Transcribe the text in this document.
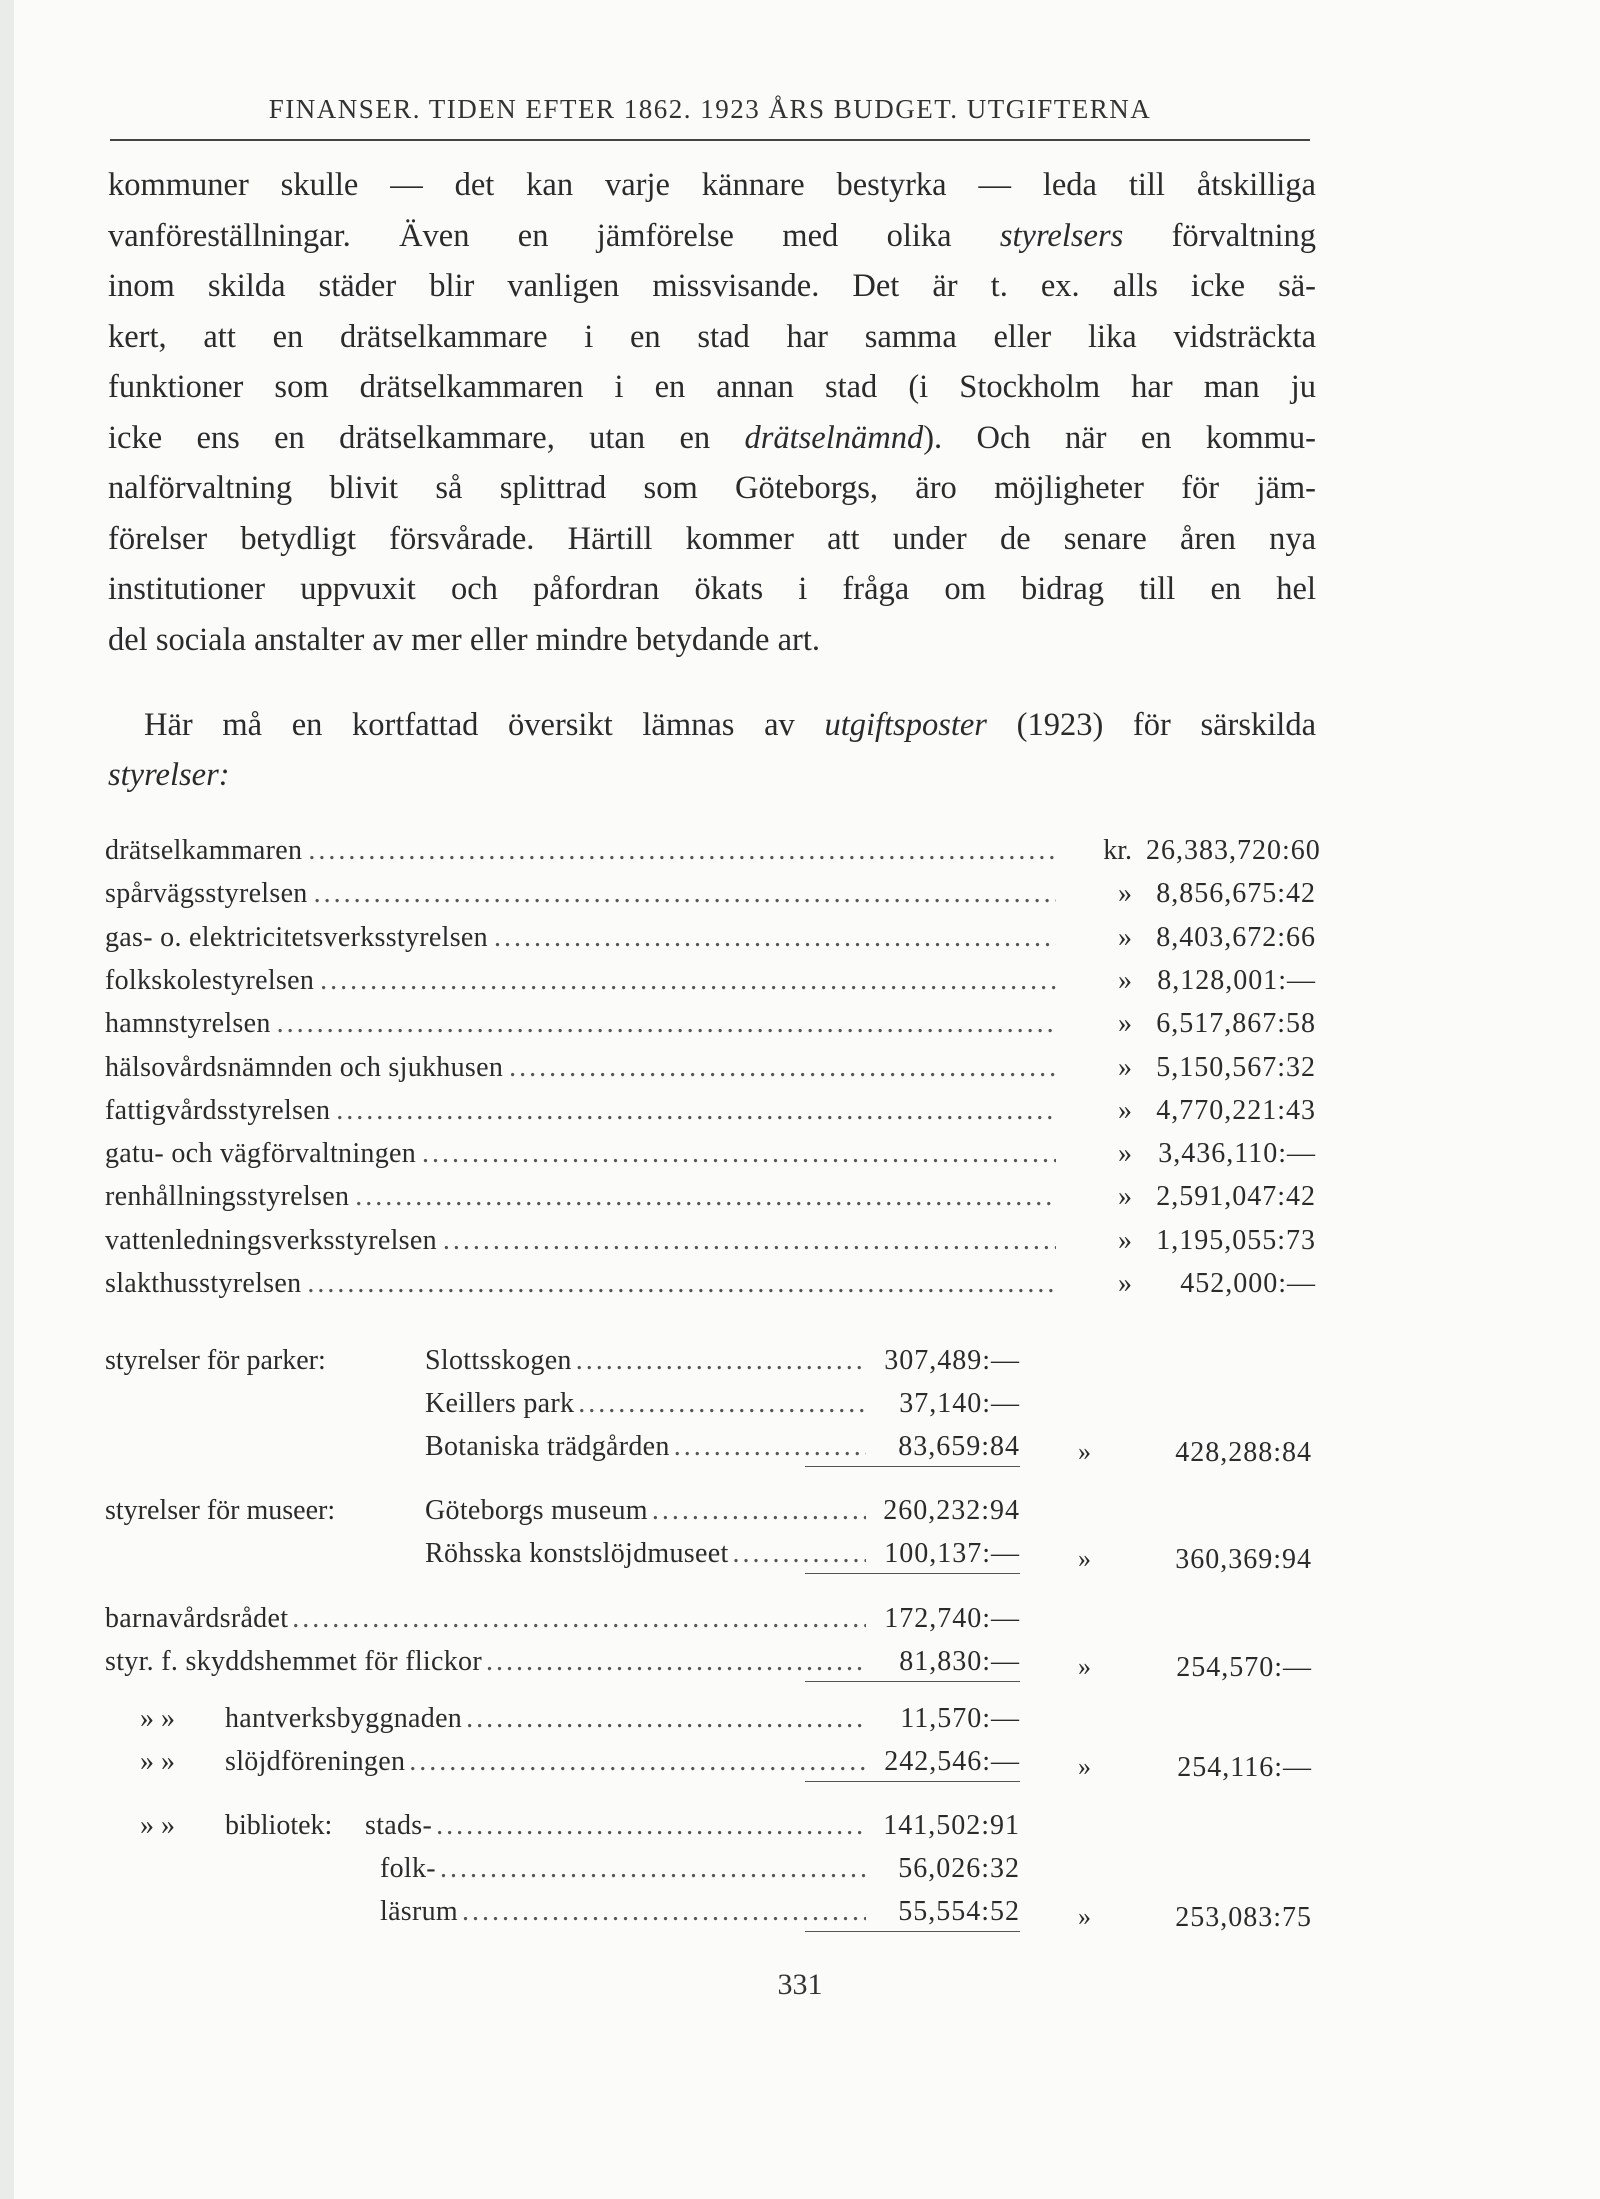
FINANSER. TIDEN EFTER 1862. 1923 ÅRS BUDGET. UTGIFTERNA
kommuner skulle — det kan varje kännare bestyrka — leda till åtskilliga
vanföreställningar. Även en jämförelse med olika styrelsers förvaltning
inom skilda städer blir vanligen missvisande. Det är t. ex. alls icke sä-
kert, att en drätselkammare i en stad har samma eller lika vidsträckta
funktioner som drätselkammaren i en annan stad (i Stockholm har man ju
icke ens en drätselkammare, utan en drätselnämnd). Och när en kommu-
nalförvaltning blivit så splittrad som Göteborgs, äro möjligheter för jäm-
förelser betydligt försvårade. Härtill kommer att under de senare åren nya
institutioner uppvuxit och påfordran ökats i fråga om bidrag till en hel
del sociala anstalter av mer eller mindre betydande art.
Här må en kortfattad översikt lämnas av utgiftsposter (1923) för särskilda
styrelser:
drätselkammaren .....	kr. 26,383,720:60
spårvägsstyrelsen .....	» 8,856,675:42
gas- o. elektricitetsverksstyrelsen .....	» 8,403,672:66
folkskolestyrelsen .....	» 8,128,001:—
hamnstyrelsen .....	» 6,517,867:58
hälsovårdsnämnden och sjukhusen .....	» 5,150,567:32
fattigvårdsstyrelsen .....	» 4,770,221:43
gatu- och vägförvaltningen .....	» 3,436,110:—
renhållningsstyrelsen .....	» 2,591,047:42
vattenledningsverksstyrelsen .....	» 1,195,055:73
slakthusstyrelsen .....	»	452,000:—
styrelser för parker:	Slottsskogen .....	307,489:—
Keillers park .....	37,140:—
Botaniska trädgården .....	83,659:84 »	428,288:84
styrelser för museer:	Göteborgs museum .....	260,232:94
Röhsska konstslöjdmuseet .....	100,137:— »	360,369:94
barnavårdsrådet .....	172,740:—
styr. f. skyddshemmet för flickor .....	81,830:— »	254,570:—
» » hantverksbyggnaden .....	11,570:—
» » slöjdföreningen .....	242,546:— »	254,116:—
» » bibliotek: stads- .....	141,502:91
folk- .....	56,026:32
läsrum .....	55,554:52 »	253,083:75
331
